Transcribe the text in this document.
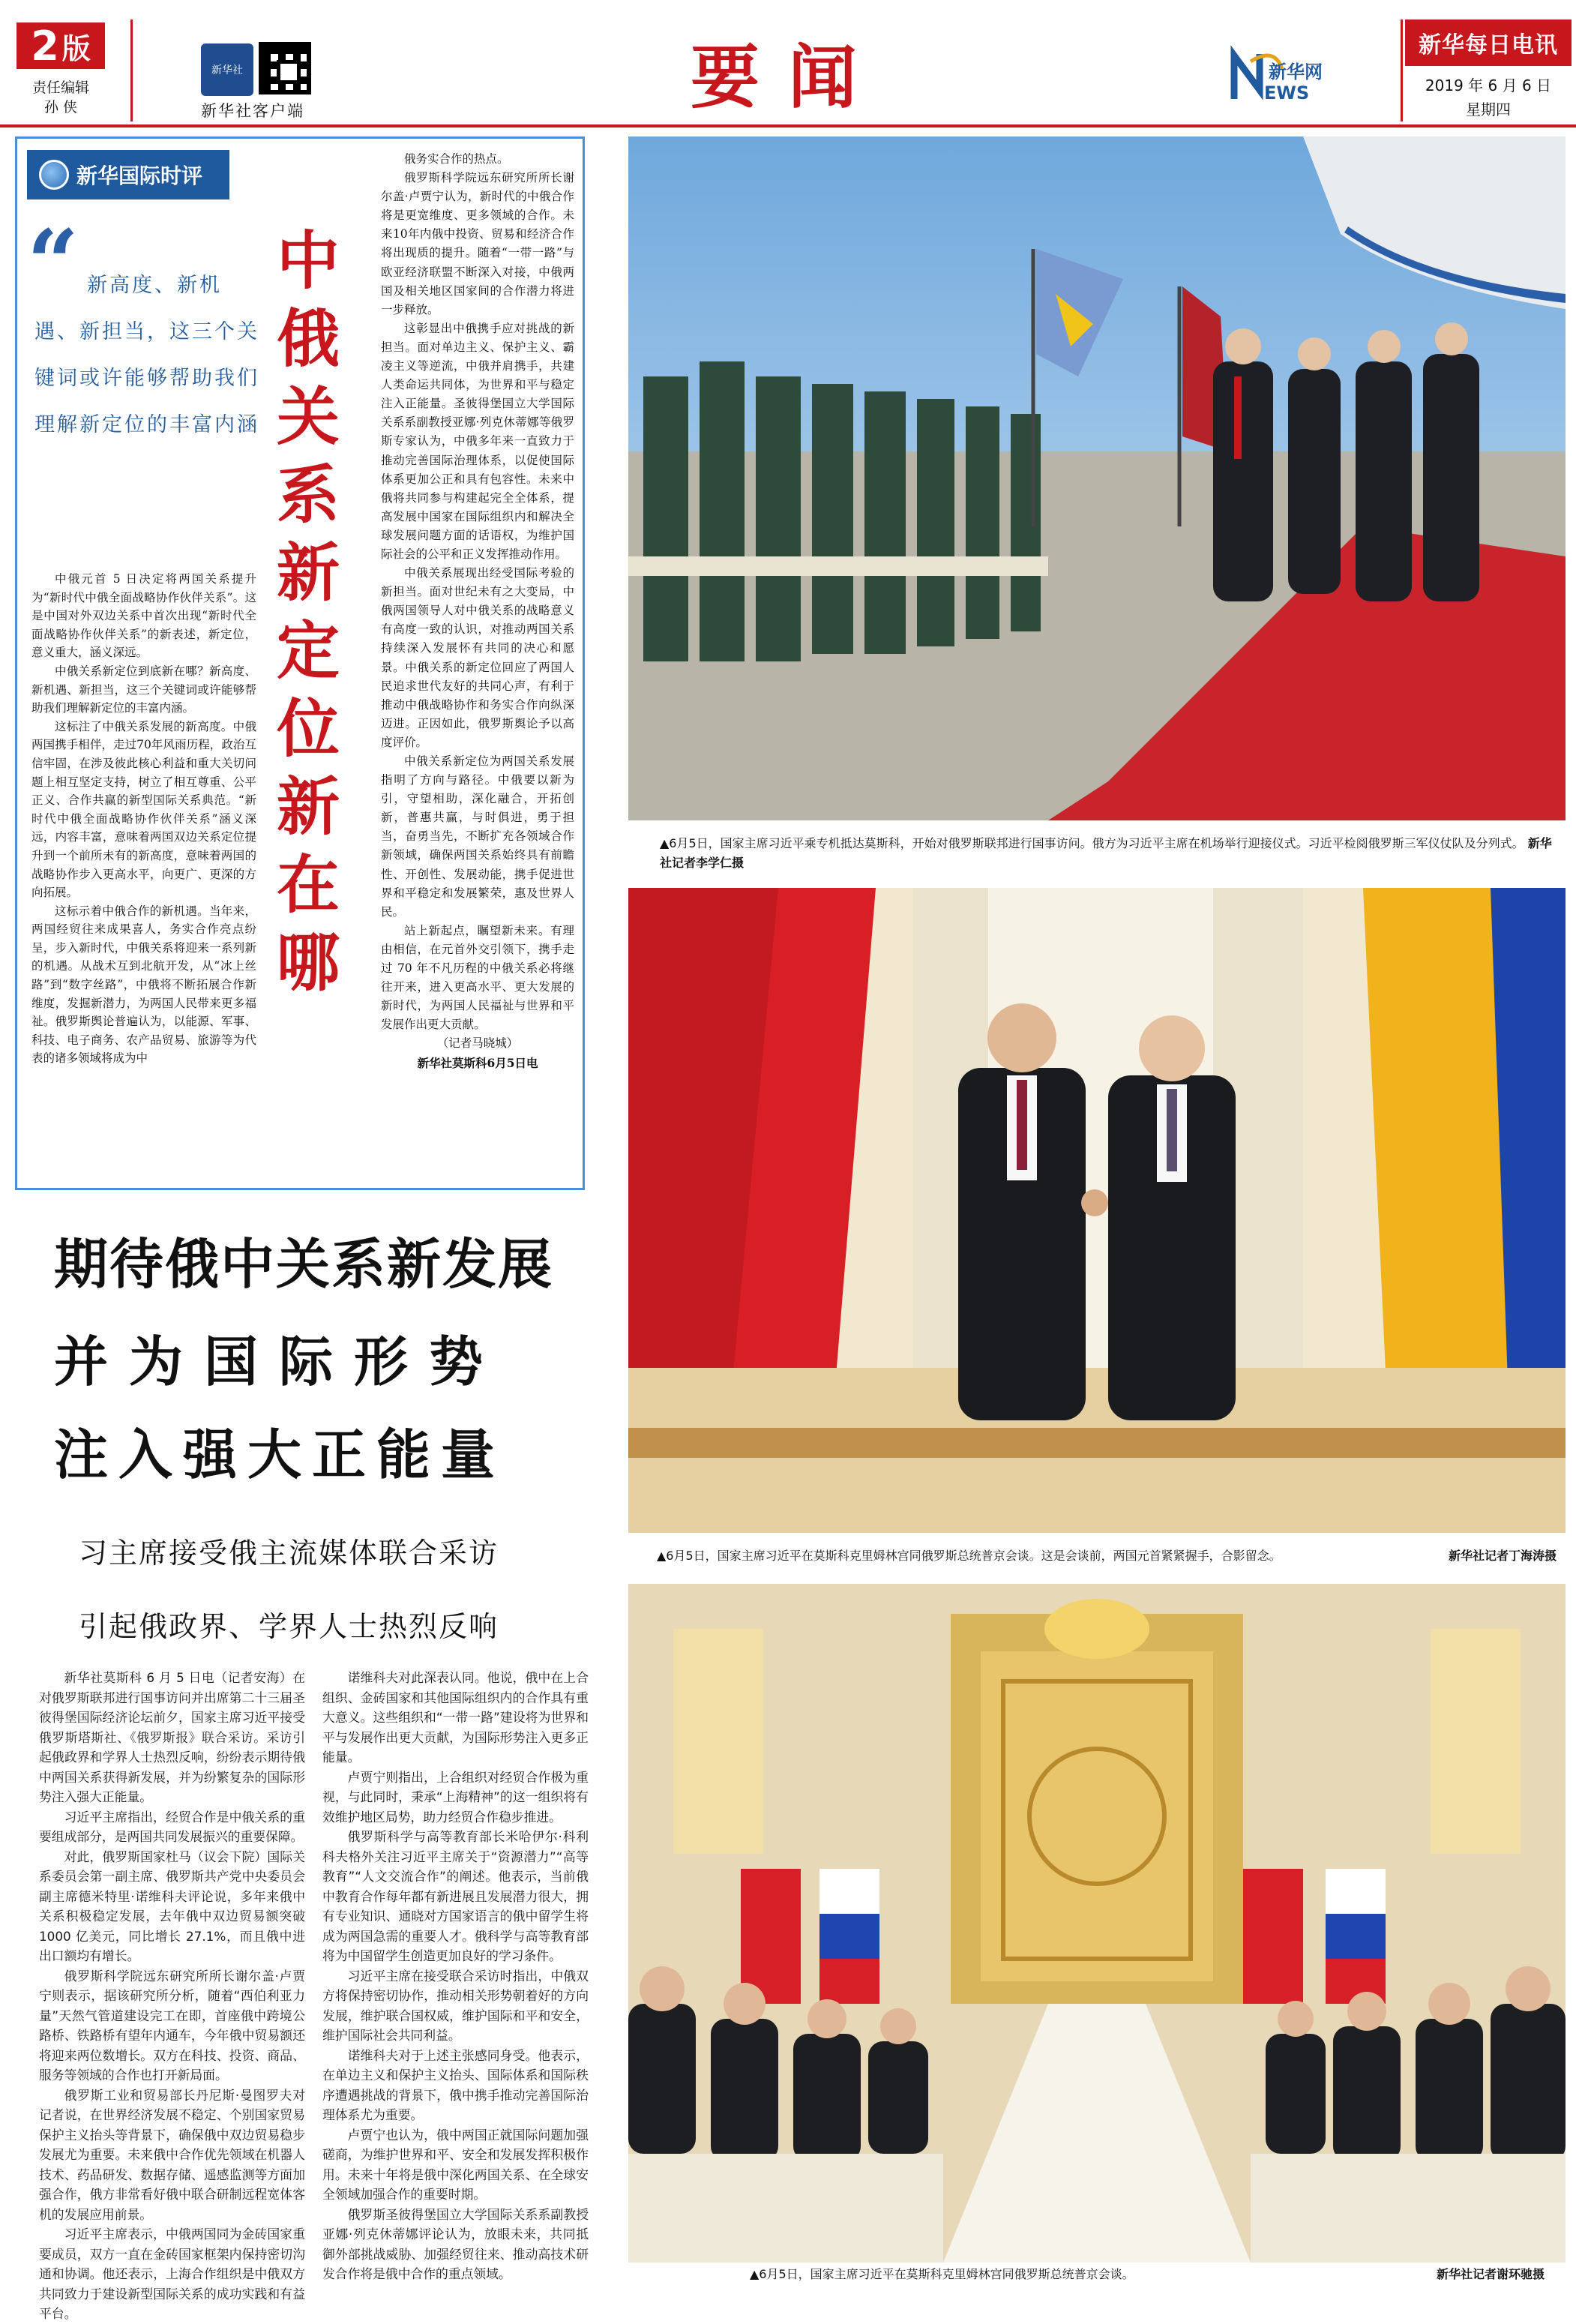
2 版
责任编辑
孙 侠
新华社
新华社客户端	要闻	新华网
EWS
新华每日电讯
2019 年 6 月 6 日
星期四
新华国际时评
“ 新高度、新机遇、新担当，这三个关键词或许能够帮助我们理解新定位的丰富内涵
中
俄
关
系
新
定
位
新
在
哪

中俄元首 5 日决定将两国关系提升为“新时代中俄全面战略协作伙伴关系”。这是中国对外双边关系中首次出现“新时代全面战略协作伙伴关系”的新表述，新定位，意义重大，涵义深远。

中俄关系新定位到底新在哪？新高度、新机遇、新担当，这三个关键词或许能够帮助我们理解新定位的丰富内涵。

这标注了中俄关系发展的新高度。中俄两国携手相伴，走过70年风雨历程，政治互信牢固，在涉及彼此核心利益和重大关切问题上相互坚定支持，树立了相互尊重、公平正义、合作共赢的新型国际关系典范。“新时代中俄全面战略协作伙伴关系”涵义深远，内容丰富，意味着两国双边关系定位提升到一个前所未有的新高度，意味着两国的战略协作步入更高水平，向更广、更深的方向拓展。

这标示着中俄合作的新机遇。当年来，两国经贸往来成果喜人，务实合作亮点纷呈，步入新时代，中俄关系将迎来一系列新的机遇。从战术互到北航开发，从“冰上丝路”到“数字丝路”，中俄将不断拓展合作新维度，发掘新潜力，为两国人民带来更多福祉。俄罗斯舆论普遍认为，以能源、军事、科技、电子商务、农产品贸易、旅游等为代表的诸多领域将成为中

俄务实合作的热点。

俄罗斯科学院远东研究所所长谢尔盖·卢贾宁认为，新时代的中俄合作将是更宽维度、更多领域的合作。未来10年内俄中投资、贸易和经济合作将出现质的提升。随着“一带一路”与欧亚经济联盟不断深入对接，中俄两国及相关地区国家间的合作潜力将进一步释放。

这彰显出中俄携手应对挑战的新担当。面对单边主义、保护主义、霸凌主义等逆流，中俄并肩携手，共建人类命运共同体，为世界和平与稳定注入正能量。圣彼得堡国立大学国际关系系副教授亚娜·列克休蒂娜等俄罗斯专家认为，中俄多年来一直致力于推动完善国际治理体系，以促使国际体系更加公正和具有包容性。未来中俄将共同参与构建起完全全体系，提高发展中国家在国际组织内和解决全球发展问题方面的话语权，为维护国际社会的公平和正义发挥推动作用。

中俄关系展现出经受国际考验的新担当。面对世纪未有之大变局，中俄两国领导人对中俄关系的战略意义有高度一致的认识，对推动两国关系持续深入发展怀有共同的决心和愿景。中俄关系的新定位回应了两国人民追求世代友好的共同心声，有利于推动中俄战略协作和务实合作向纵深迈进。正因如此，俄罗斯舆论予以高度评价。

中俄关系新定位为两国关系发展指明了方向与路径。中俄要以新为引，守望相助，深化融合，开拓创新，普惠共赢，与时俱进，勇于担当，奋勇当先，不断扩充各领域合作新领域，确保两国关系始终具有前瞻性、开创性、发展动能，携手促进世界和平稳定和发展繁荣，惠及世界人民。

站上新起点，瞩望新未来。有理由相信，在元首外交引领下，携手走过 70 年不凡历程的中俄关系必将继往开来，进入更高水平、更大发展的新时代，为两国人民福祉与世界和平发展作出更大贡献。

（记者马晓城）

新华社莫斯科6月5日电

期待俄中关系新发展
并为国际形势
注入强大正能量
习主席接受俄主流媒体联合采访
引起俄政界、学界人士热烈反响

新华社莫斯科 6 月 5 日电（记者安海）在对俄罗斯联邦进行国事访问并出席第二十三届圣彼得堡国际经济论坛前夕，国家主席习近平接受俄罗斯塔斯社、《俄罗斯报》联合采访。采访引起俄政界和学界人士热烈反响，纷纷表示期待俄中两国关系获得新发展，并为纷繁复杂的国际形势注入强大正能量。

习近平主席指出，经贸合作是中俄关系的重要组成部分，是两国共同发展振兴的重要保障。

对此，俄罗斯国家杜马（议会下院）国际关系委员会第一副主席、俄罗斯共产党中央委员会副主席德米特里·诺维科夫评论说，多年来俄中关系积极稳定发展，去年俄中双边贸易额突破 1000 亿美元，同比增长 27.1%，而且俄中进出口额均有增长。

俄罗斯科学院远东研究所所长谢尔盖·卢贾宁则表示，据该研究所分析，随着“西伯利亚力量”天然气管道建设完工在即，首座俄中跨境公路桥、铁路桥有望年内通车，今年俄中贸易额还将迎来两位数增长。双方在科技、投资、商品、服务等领域的合作也打开新局面。

俄罗斯工业和贸易部长丹尼斯·曼图罗夫对记者说，在世界经济发展不稳定、个别国家贸易保护主义抬头等背景下，确保俄中双边贸易稳步发展尤为重要。未来俄中合作优先领域在机器人技术、药品研发、数据存储、遥感监测等方面加强合作，俄方非常看好俄中联合研制远程宽体客机的发展应用前景。

习近平主席表示，中俄两国同为金砖国家重要成员，双方一直在金砖国家框架内保持密切沟通和协调。他还表示，上海合作组织是中俄双方共同致力于建设新型国际关系的成功实践和有益平台。

诺维科夫对此深表认同。他说，俄中在上合组织、金砖国家和其他国际组织内的合作具有重大意义。这些组织和“一带一路”建设将为世界和平与发展作出更大贡献，为国际形势注入更多正能量。

卢贾宁则指出，上合组织对经贸合作极为重视，与此同时，秉承“上海精神”的这一组织将有效维护地区局势，助力经贸合作稳步推进。

俄罗斯科学与高等教育部长米哈伊尔·科利科夫格外关注习近平主席关于“资源潜力”“高等教育”“人文交流合作”的阐述。他表示，当前俄中教育合作每年都有新进展且发展潜力很大，拥有专业知识、通晓对方国家语言的俄中留学生将成为两国急需的重要人才。俄科学与高等教育部将为中国留学生创造更加良好的学习条件。

习近平主席在接受联合采访时指出，中俄双方将保持密切协作，推动相关形势朝着好的方向发展，维护联合国权威，维护国际和平和安全，维护国际社会共同利益。

诺维科夫对于上述主张感同身受。他表示，在单边主义和保护主义抬头、国际体系和国际秩序遭遇挑战的背景下，俄中携手推动完善国际治理体系尤为重要。

卢贾宁也认为，俄中两国正就国际问题加强磋商，为维护世界和平、安全和发展发挥积极作用。未来十年将是俄中深化两国关系、在全球安全领域加强合作的重要时期。

俄罗斯圣彼得堡国立大学国际关系系副教授亚娜·列克休蒂娜评论认为，放眼未来，共同抵御外部挑战威胁、加强经贸往来、推动高技术研发合作将是俄中合作的重点领域。

▲6月5日，国家主席习近平乘专机抵达莫斯科，开始对俄罗斯联邦进行国事访问。俄方为习近平主席在机场举行迎接仪式。习近平检阅俄罗斯三军仪仗队及分列式。 新华社记者李学仁摄
▲6月5日，国家主席习近平在莫斯科克里姆林宫同俄罗斯总统普京会谈。这是会谈前，两国元首紧紧握手，合影留念。	新华社记者丁海涛摄
▲6月5日，国家主席习近平在莫斯科克里姆林宫同俄罗斯总统普京会谈。	新华社记者谢环驰摄
